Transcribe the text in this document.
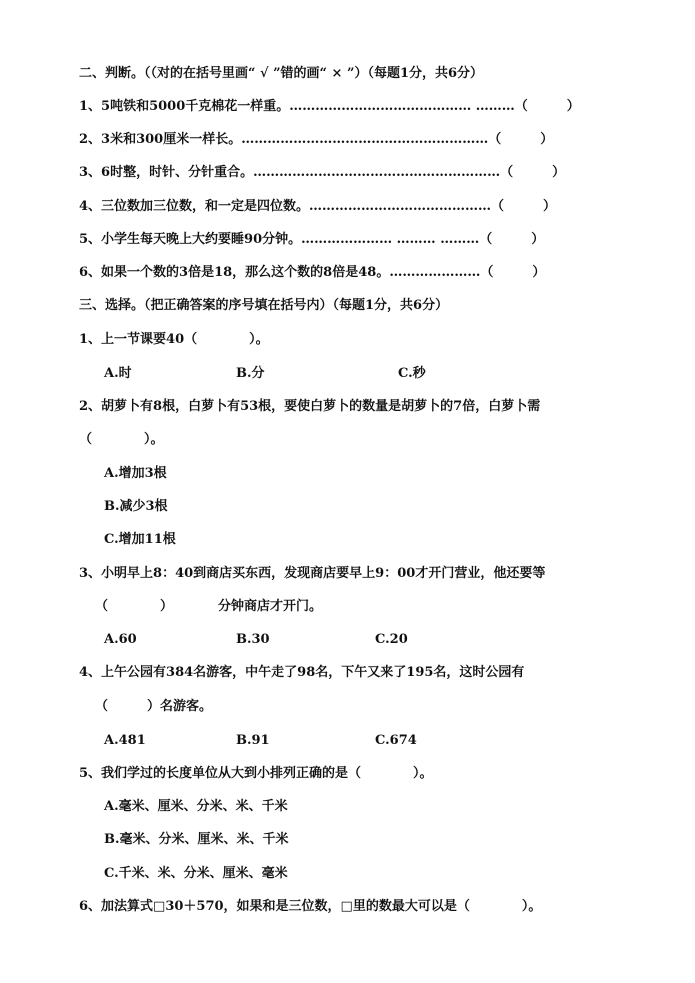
二、判断。（（对的在括号里画“ √ ”错的画“ × ”）（每题1分，共6分）
1、5吨铁和5000千克棉花一样重。…………………………………… ………（　　　）
2、3米和300厘米一样长。…………………………………………………（　　　）
3、6时整，时针、分针重合。…………………………………………………（　　　）
4、三位数加三位数，和一定是四位数。……………………………………（　　　）
5、小学生每天晚上大约要睡90分钟。………………… ……… ………（　　　）
6、如果一个数的3倍是18，那么这个数的8倍是48。…………………（　　　）
三、选择。（把正确答案的序号填在括号内）（每题1分，共6分）
1、上一节课要40（　　　　）。
A.时	B.分	C.秒
2、胡萝卜有8根，白萝卜有53根，要使白萝卜的数量是胡萝卜的7倍，白萝卜需
（　　　　）。
A.增加3根
B.减少3根
C.增加11根
3、小明早上8：40到商店买东西，发现商店要早上9：00才开门营业，他还要等
（　　　　）	分钟商店才开门。
A.60	B.30	C.20
4、上午公园有384名游客，中午走了98名，下午又来了195名，这时公园有
（　　　）名游客。
A.481	B.91	C.674
5、我们学过的长度单位从大到小排列正确的是（　　　　）。
A.毫米、厘米、分米、米、千米
B.毫米、分米、厘米、米、千米
C.千米、米、分米、厘米、毫米
6、加法算式□30＋570，如果和是三位数，□里的数最大可以是（　　　　）。
